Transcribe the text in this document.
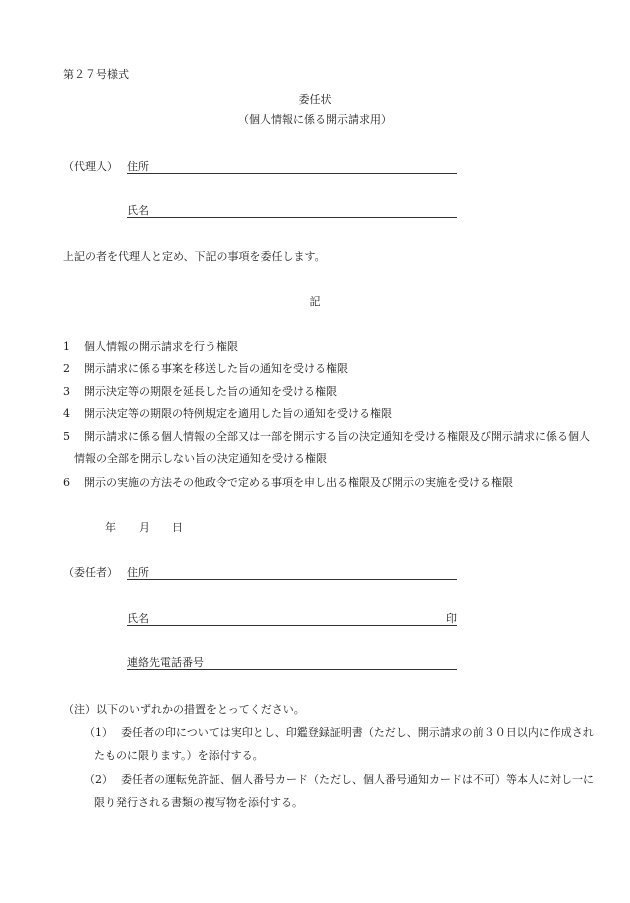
第２７号様式
委任状
（個人情報に係る開示請求用）
（代理人） 住所
氏名
上記の者を代理人と定め、下記の事項を委任します。
記
1 個人情報の開示請求を行う権限
2 開示請求に係る事案を移送した旨の通知を受ける権限
3 開示決定等の期限を延長した旨の通知を受ける権限
4 開示決定等の期限の特例規定を適用した旨の通知を受ける権限
5 開示請求に係る個人情報の全部又は一部を開示する旨の決定通知を受ける権限及び開示請求に係る個人
情報の全部を開示しない旨の決定通知を受ける権限
6 開示の実施の方法その他政令で定める事項を申し出る権限及び開示の実施を受ける権限
年 月 日
（委任者） 住所
氏名	印
連絡先電話番号
（注）以下のいずれかの措置をとってください。
（1） 委任者の印については実印とし、印鑑登録証明書（ただし、開示請求の前３０日以内に作成され
たものに限ります。）を添付する。
（2） 委任者の運転免許証、個人番号カード（ただし、個人番号通知カードは不可）等本人に対し一に
限り発行される書類の複写物を添付する。
